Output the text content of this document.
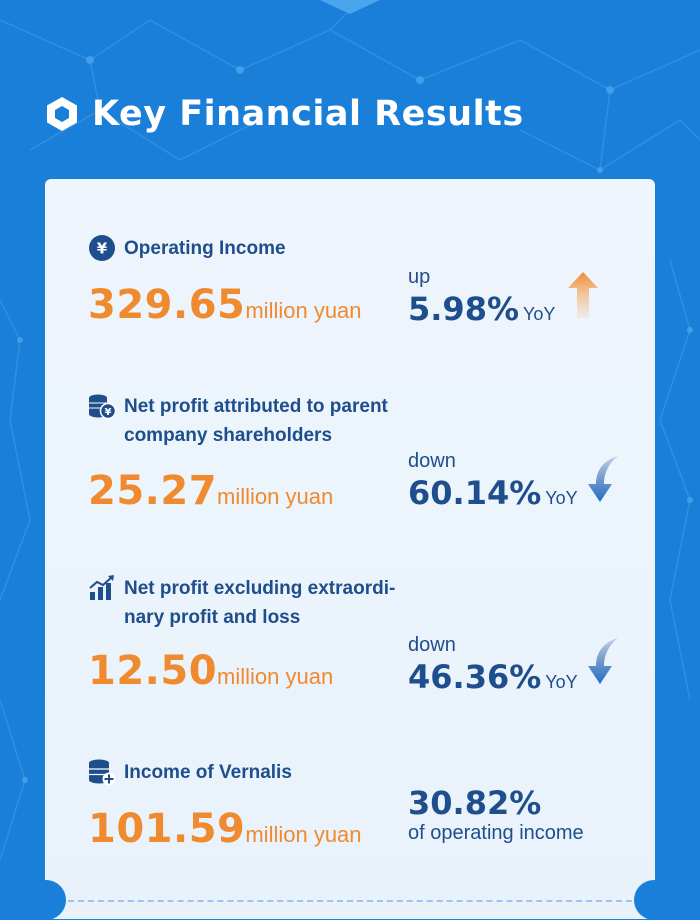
Key Financial Results
¥ Operating Income
329.65million yuan
up
5.98% YoY
¥ Net profit attributed to parent company shareholders
25.27million yuan
down
60.14% YoY
Net profit excluding extraordi-nary profit and loss
12.50million yuan
down
46.36% YoY
Income of Vernalis
101.59million yuan
30.82%
of operating income
